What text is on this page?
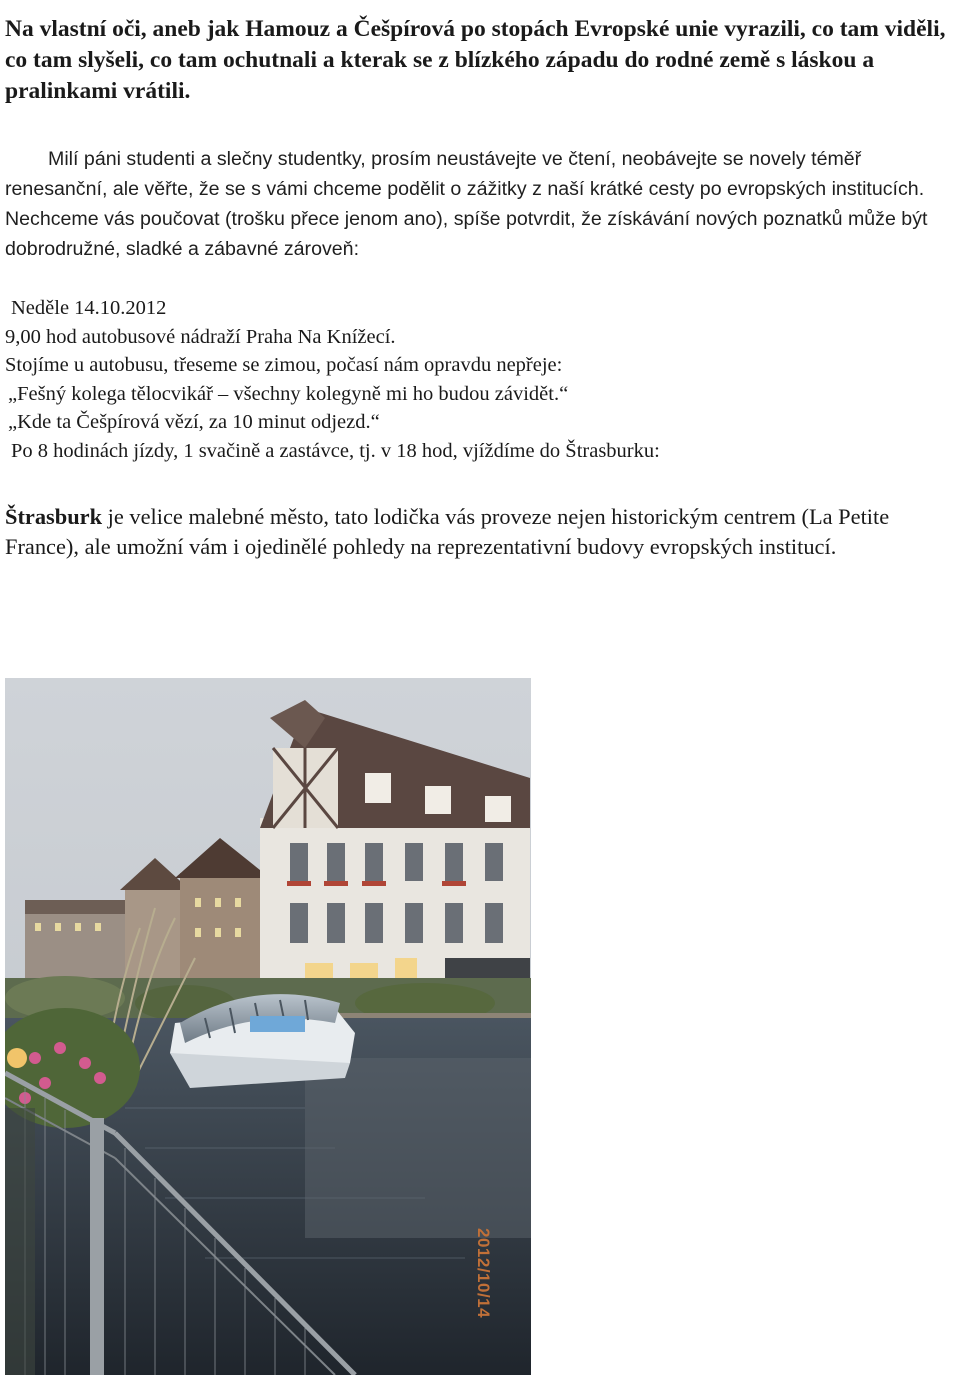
Na vlastní oči, aneb jak Hamouz a Češpírová po stopách Evropské unie vyrazili, co tam viděli, co tam slyšeli, co tam ochutnali a kterak se z blízkého západu do rodné země s láskou a pralinkami vrátili.

Milí páni studenti a slečny studentky, prosím neustávejte ve čtení, neobávejte se novely téměř renesanční, ale věřte, že se s vámi chceme podělit o zážitky z naší krátké cesty po evropských institucích. Nechceme vás poučovat (trošku přece jenom ano), spíše potvrdit, že získávání nových poznatků může být dobrodružné, sladké a zábavné zároveň:

Neděle 14.10.2012
9,00 hod autobusové nádraží Praha Na Knížecí.
Stojíme u autobusu, třeseme se zimou, počasí nám opravdu nepřeje:
„Fešný kolega tělocvikář – všechny kolegyně mi ho budou závidět.“
„Kde ta Češpírová vězí, za 10 minut odjezd.“
Po 8 hodinách jízdy, 1 svačině a zastávce, tj. v 18 hod, vjíždíme do Štrasburku:

Štrasburk je velice malebné město, tato lodička vás proveze nejen historickým centrem (La Petite France), ale umožní vám i ojedinělé pohledy na reprezentativní budovy evropských institucí.

2012/10/14
